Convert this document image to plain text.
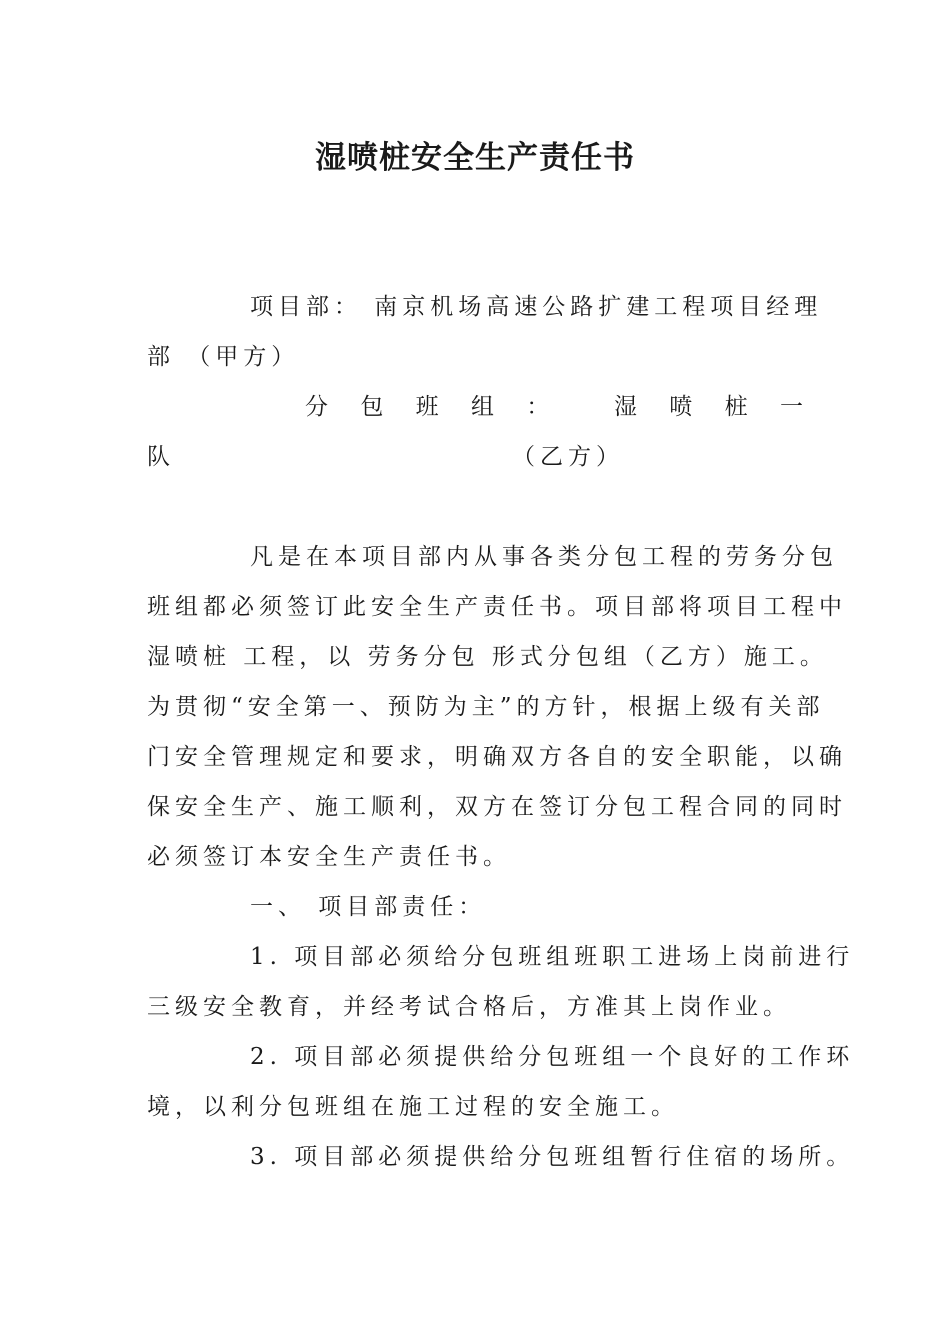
湿喷桩安全生产责任书
项目部： 南京机场高速公路扩建工程项目经理
部 （甲方）
分 包 班 组 ：	湿 喷 桩 一
队	（乙方）
凡是在本项目部内从事各类分包工程的劳务分包
班组都必须签订此安全生产责任书。项目部将项目工程中
湿喷桩 工程，以 劳务分包 形式分包组（乙方）施工。
为贯彻“安全第一、预防为主”的方针，根据上级有关部
门安全管理规定和要求，明确双方各自的安全职能，以确
保安全生产、施工顺利，双方在签订分包工程合同的同时
必须签订本安全生产责任书。
一、 项目部责任：
1. 项目部必须给分包班组班职工进场上岗前进行
三级安全教育，并经考试合格后，方准其上岗作业。
2. 项目部必须提供给分包班组一个良好的工作环
境，以利分包班组在施工过程的安全施工。
3. 项目部必须提供给分包班组暂行住宿的场所。
